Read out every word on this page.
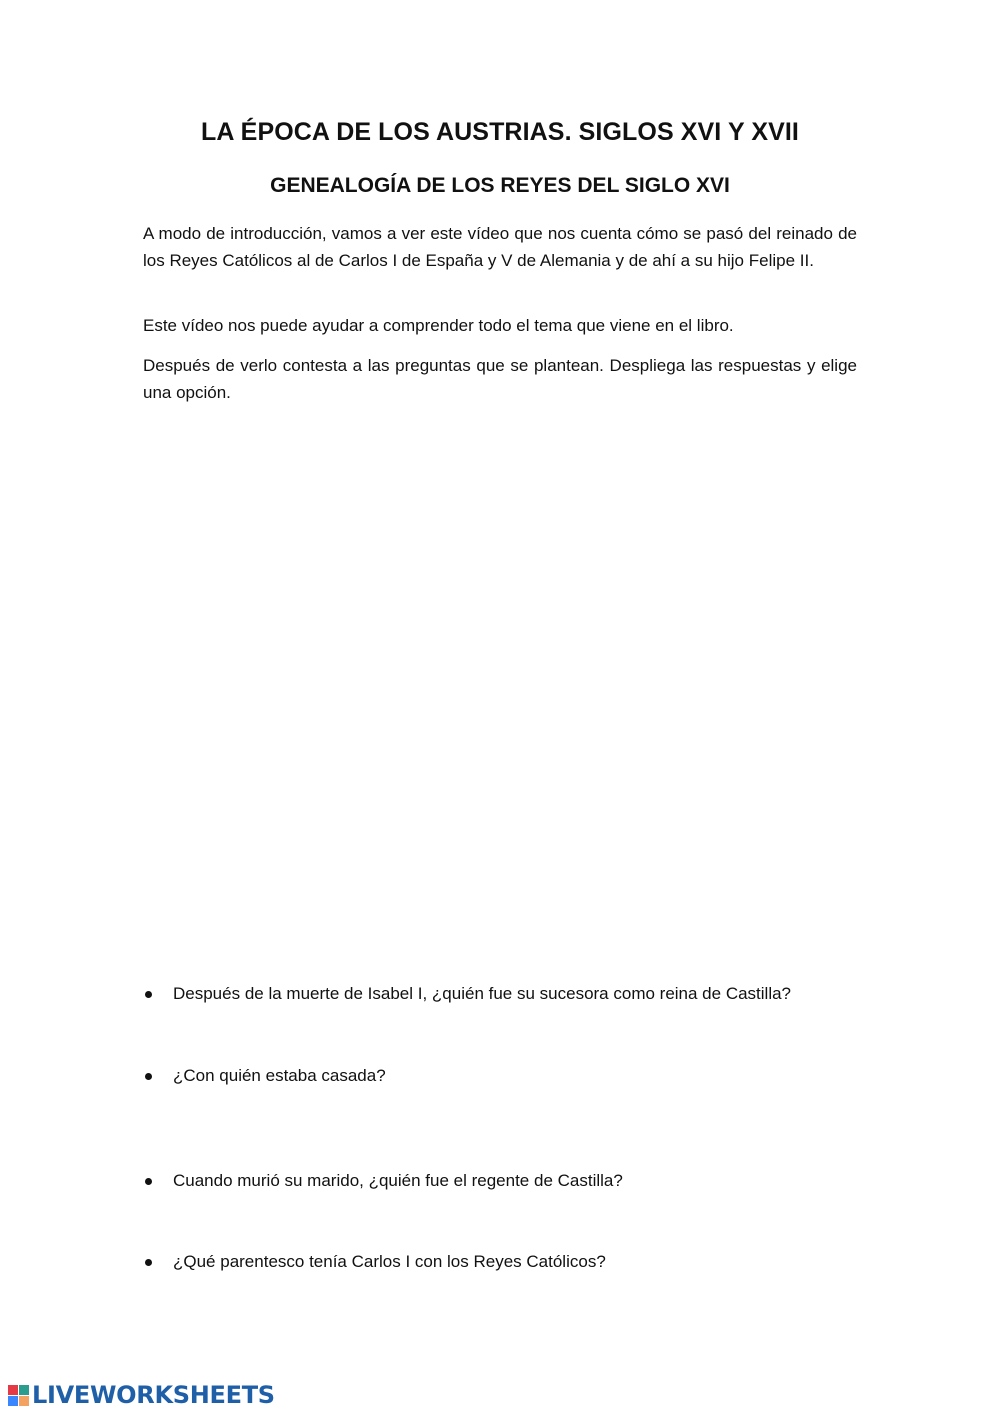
LA ÉPOCA DE LOS AUSTRIAS. SIGLOS XVI Y XVII
GENEALOGÍA DE LOS REYES DEL SIGLO XVI

A modo de introducción, vamos a ver este vídeo que nos cuenta cómo se pasó del reinado de los Reyes Católicos al de Carlos I de España y V de Alemania y de ahí a su hijo Felipe II.

Este vídeo nos puede ayudar a comprender todo el tema que viene en el libro.

Después de verlo contesta a las preguntas que se plantean. Despliega las respuestas y elige una opción.

Después de la muerte de Isabel I, ¿quién fue su sucesora como reina de Castilla?
¿Con quién estaba casada?
Cuando murió su marido, ¿quién fue el regente de Castilla?
¿Qué parentesco tenía Carlos I con los Reyes Católicos?
LIVEWORKSHEETS
